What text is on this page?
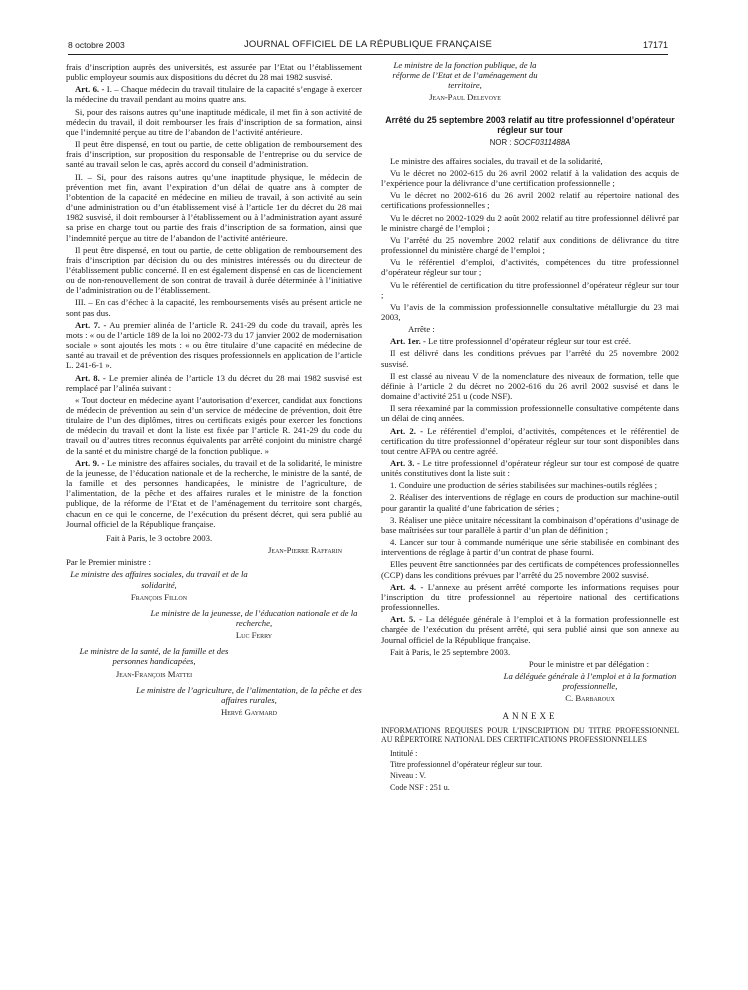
8 octobre 2003	JOURNAL OFFICIEL DE LA RÉPUBLIQUE FRANÇAISE	17171

frais d’inscription auprès des universités, est assurée par l’Etat ou l’établissement public employeur soumis aux dispositions du décret du 28 mai 1982 susvisé.

Art. 6. - I. – Chaque médecin du travail titulaire de la capacité s’engage à exercer la médecine du travail pendant au moins quatre ans.

Si, pour des raisons autres qu’une inaptitude médicale, il met fin à son activité de médecin du travail, il doit rembourser les frais d’inscription de sa formation, ainsi que l’indemnité perçue au titre de l’abandon de l’activité antérieure.

Il peut être dispensé, en tout ou partie, de cette obligation de remboursement des frais d’inscription, sur proposition du responsable de l’entreprise ou du service de santé au travail selon le cas, après accord du conseil d’administration.

II. – Si, pour des raisons autres qu’une inaptitude physique, le médecin de prévention met fin, avant l’expiration d’un délai de quatre ans à compter de l’obtention de la capacité en médecine en milieu de travail, à son activité au sein d’une administration ou d’un établissement visé à l’article 1er du décret du 28 mai 1982 susvisé, il doit rembourser à l’établissement ou à l’administration ayant assuré sa prise en charge tout ou partie des frais d’inscription de sa formation, ainsi que l’indemnité perçue au titre de l’abandon de l’activité antérieure.

Il peut être dispensé, en tout ou partie, de cette obligation de remboursement des frais d’inscription par décision du ou des ministres intéressés ou du directeur de l’établissement public concerné. Il en est également dispensé en cas de licenciement ou de non-renouvellement de son contrat de travail à durée déterminée à l’initiative de l’administration ou de l’établissement.

III. – En cas d’échec à la capacité, les remboursements visés au présent article ne sont pas dus.

Art. 7. - Au premier alinéa de l’article R. 241-29 du code du travail, après les mots : « ou de l’article 189 de la loi no 2002-73 du 17 janvier 2002 de modernisation sociale » sont ajoutés les mots : « ou être titulaire d’une capacité en médecine de santé au travail et de prévention des risques professionnels en application de l’article L. 241-6-1 ».

Art. 8. - Le premier alinéa de l’article 13 du décret du 28 mai 1982 susvisé est remplacé par l’alinéa suivant :

« Tout docteur en médecine ayant l’autorisation d’exercer, candidat aux fonctions de médecin de prévention au sein d’un service de médecine de prévention, doit être titulaire de l’un des diplômes, titres ou certificats exigés pour exercer les fonctions de médecin du travail et dont la liste est fixée par l’article R. 241-29 du code du travail ou d’autres titres reconnus équivalents par arrêté conjoint du ministre chargé de la santé et du ministre chargé de la fonction publique. »

Art. 9. - Le ministre des affaires sociales, du travail et de la solidarité, le ministre de la jeunesse, de l’éducation nationale et de la recherche, le ministre de la santé, de la famille et des personnes handicapées, le ministre de l’agriculture, de l’alimentation, de la pêche et des affaires rurales et le ministre de la fonction publique, de la réforme de l’Etat et de l’aménagement du territoire sont chargés, chacun en ce qui le concerne, de l’exécution du présent décret, qui sera publié au Journal officiel de la République française.

Fait à Paris, le 3 octobre 2003.

Jean-Pierre Raffarin

Par le Premier ministre :

Le ministre des affaires sociales, du travail et de la solidarité,
François Fillon
Le ministre de la jeunesse, de l’éducation nationale et de la recherche,
Luc Ferry
Le ministre de la santé, de la famille et des personnes handicapées,
Jean-François Mattei
Le ministre de l’agriculture, de l’alimentation, de la pêche et des affaires rurales,
Hervé Gaymard
Le ministre de la fonction publique, de la réforme de l’Etat et de l’aménagement du territoire,
Jean-Paul Delevoye
Arrêté du 25 septembre 2003 relatif au titre professionnel d’opérateur régleur sur tour
NOR : SOCF0311488A

Le ministre des affaires sociales, du travail et de la solidarité,

Vu le décret no 2002-615 du 26 avril 2002 relatif à la validation des acquis de l’expérience pour la délivrance d’une certification professionnelle ;

Vu le décret no 2002-616 du 26 avril 2002 relatif au répertoire national des certifications professionnelles ;

Vu le décret no 2002-1029 du 2 août 2002 relatif au titre professionnel délivré par le ministre chargé de l’emploi ;

Vu l’arrêté du 25 novembre 2002 relatif aux conditions de délivrance du titre professionnel du ministère chargé de l’emploi ;

Vu le référentiel d’emploi, d’activités, compétences du titre professionnel d’opérateur régleur sur tour ;

Vu le référentiel de certification du titre professionnel d’opérateur régleur sur tour ;

Vu l’avis de la commission professionnelle consultative métallurgie du 23 mai 2003,

Arrête :

Art. 1er. - Le titre professionnel d’opérateur régleur sur tour est créé.

Il est délivré dans les conditions prévues par l’arrêté du 25 novembre 2002 susvisé.

Il est classé au niveau V de la nomenclature des niveaux de formation, telle que définie à l’article 2 du décret no 2002-616 du 26 avril 2002 susvisé et dans le domaine d’activité 251 u (code NSF).

Il sera réexaminé par la commission professionnelle consultative compétente dans un délai de cinq années.

Art. 2. - Le référentiel d’emploi, d’activités, compétences et le référentiel de certification du titre professionnel d’opérateur régleur sur tour sont disponibles dans tout centre AFPA ou centre agréé.

Art. 3. - Le titre professionnel d’opérateur régleur sur tour est composé de quatre unités constitutives dont la liste suit :

1. Conduire une production de séries stabilisées sur machines-outils réglées ;

2. Réaliser des interventions de réglage en cours de production sur machine-outil pour garantir la qualité d’une fabrication de séries ;

3. Réaliser une pièce unitaire nécessitant la combinaison d’opérations d’usinage de base maîtrisées sur tour parallèle à partir d’un plan de définition ;

4. Lancer sur tour à commande numérique une série stabilisée en combinant des interventions de réglage à partir d’un contrat de phase fourni.

Elles peuvent être sanctionnées par des certificats de compétences professionnelles (CCP) dans les conditions prévues par l’arrêté du 25 novembre 2002 susvisé.

Art. 4. - L’annexe au présent arrêté comporte les informations requises pour l’inscription du titre professionnel au répertoire national des certifications professionnelles.

Art. 5. - La déléguée générale à l’emploi et à la formation professionnelle est chargée de l’exécution du présent arrêté, qui sera publié ainsi que son annexe au Journal officiel de la République française.

Fait à Paris, le 25 septembre 2003.

Pour le ministre et par délégation :

La déléguée générale à l’emploi et à la formation professionnelle,
C. Barbaroux
ANNEXE
INFORMATIONS REQUISES POUR L’INSCRIPTION DU TITRE PROFESSIONNEL AU RÉPERTOIRE NATIONAL DES CERTIFICATIONS PROFESSIONNELLES

Intitulé :

Titre professionnel d’opérateur régleur sur tour.

Niveau : V.

Code NSF : 251 u.
